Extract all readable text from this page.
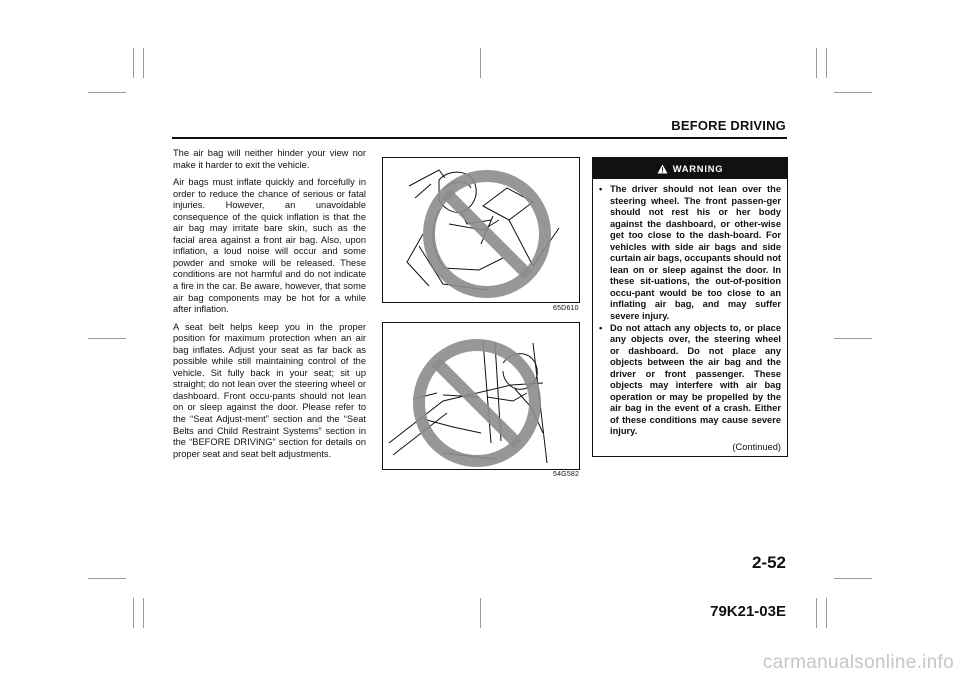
BEFORE DRIVING

The air bag will neither hinder your view nor make it harder to exit the vehicle.

Air bags must inflate quickly and forcefully in order to reduce the chance of serious or fatal injuries. However, an unavoidable consequence of the quick inflation is that the air bag may irritate bare skin, such as the facial area against a front air bag. Also, upon inflation, a loud noise will occur and some powder and smoke will be released. These conditions are not harmful and do not indicate a fire in the car. Be aware, however, that some air bag components may be hot for a while after inflation.

A seat belt helps keep you in the proper position for maximum protection when an air bag inflates. Adjust your seat as far back as possible while still maintaining control of the vehicle. Sit fully back in your seat; sit up straight; do not lean over the steering wheel or dashboard. Front occu-pants should not lean on or sleep against the door. Please refer to the “Seat Adjust-ment” section and the “Seat Belts and Child Restraint Systems” section in the “BEFORE DRIVING” section for details on proper seat and seat belt adjustments.

65D610
54G582
WARNING
• The driver should not lean over the steering wheel. The front passen-ger should not rest his or her body against the dashboard, or other-wise get too close to the dash-board. For vehicles with side air bags and side curtain air bags, occupants should not lean on or sleep against the door. In these sit-uations, the out-of-position occu-pant would be too close to an inflating air bag, and may suffer severe injury.
• Do not attach any objects to, or place any objects over, the steering wheel or dashboard. Do not place any objects between the air bag and the driver or front passenger. These objects may interfere with air bag operation or may be propelled by the air bag in the event of a crash. Either of these conditions may cause severe injury.
(Continued)
2-52
79K21-03E
carmanualsonline.info
